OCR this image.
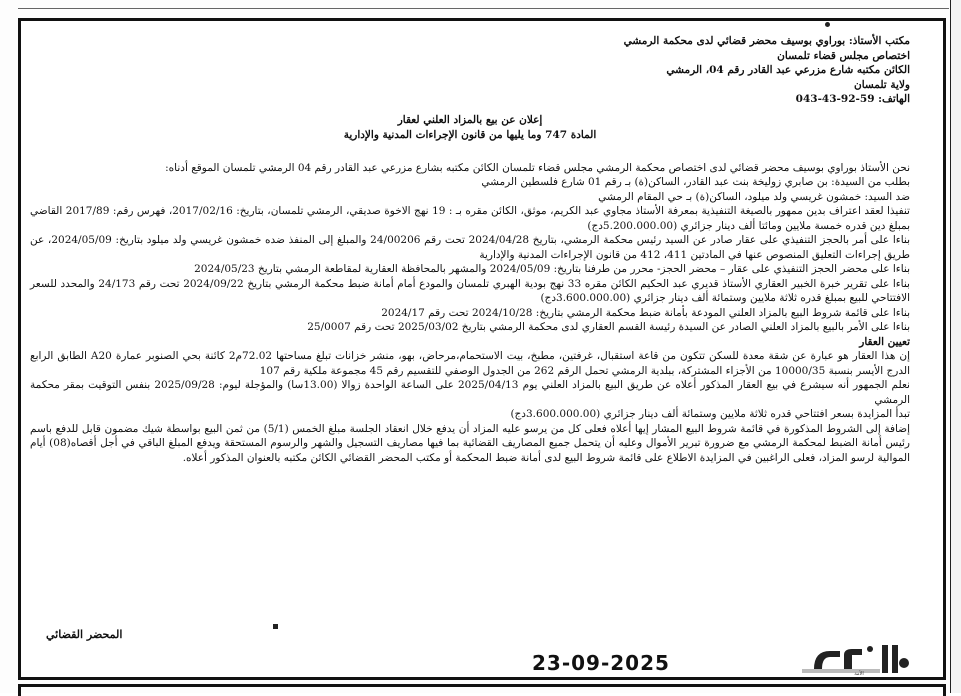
مكتب الأستاذ: بوراوي بوسيف محضر قضائي لدى محكمة الرمشي
اختصاص مجلس قضاء تلمسان
الكائن مكتبه شارع مزرعي عبد القادر رقم 04، الرمشي
ولاية تلمسان
الهاتف: 59-92-43-043
إعلان عن بيع بالمزاد العلني لعقار
المادة 747 وما يليها من قانون الإجراءات المدنية والإدارية

نحن الأستاذ بوراوي بوسيف محضر قضائي لدى اختصاص محكمة الرمشي مجلس قضاء تلمسان الكائن مكتبه بشارع مزرعي عبد القادر رقم 04 الرمشي تلمسان الموقع أدناه:

بطلب من السيدة: بن صابري زوليخة بنت عبد القادر، الساكن(ة) بـ رقم 01 شارع فلسطين الرمشي

ضد السيد: خمشون غريسي ولد ميلود، الساكن(ة) بـ حي المقام الرمشي

تنفيذا لعقد اعتراف بدين ممهور بالصيغة التنفيذية بمعرفة الأستاذ مجاوي عبد الكريم، موثق، الكائن مقره بـ : 19 نهج الاخوة صديقي، الرمشي تلمسان، بتاريخ: 2017/02/16، فهرس رقم: 2017/89 القاضي بمبلغ دين قدره خمسة ملايين ومائتا ألف دينار جزائري (5.200.000.00دج)

بناءا على أمر بالحجز التنفيذي على عقار صادر عن السيد رئيس محكمة الرمشي، بتاريخ 2024/04/28 تحت رقم 24/00206 والمبلغ إلى المنفذ ضده خمشون غريسي ولد ميلود بتاريخ: 2024/05/09، عن طريق إجراءات التعليق المنصوص عنها في المادتين 411، 412 من قانون الإجراءات المدنية والإدارية

بناءا على محضر الحجز التنفيذي على عقار – محضر الحجز- محرر من طرفنا بتاريخ: 2024/05/09 والمشهر بالمحافظة العقارية لمقاطعة الرمشي بتاريخ 2024/05/23

بناءا على تقرير خبرة الخبير العقاري الأستاذ قديري عبد الحكيم الكائن مقره 33 نهج بودية الهبري تلمسان والمودع أمام أمانة ضبط محكمة الرمشي بتاريخ 2024/09/22 تحت رقم 24/173 والمحدد للسعر الافتتاحي للبيع بمبلغ قدره ثلاثة ملايين وستمائة ألف دينار جزائري (3.600.000.00دج)

بناءا على قائمة شروط البيع بالمزاد العلني المودعة بأمانة ضبط محكمة الرمشي بتاريخ: 2024/10/28 تحت رقم 2024/17

بناءا على الأمر بالبيع بالمزاد العلني الصادر عن السيدة رئيسة القسم العقاري لدى محكمة الرمشي بتاريخ 2025/03/02 تحت رقم 25/0007

تعيين العقار

إن هذا العقار هو عبارة عن شقة معدة للسكن تتكون من قاعة استقبال، غرفتين، مطبخ، بيت الاستحمام،مرحاض، بهو، منشر خزانات تبلغ مساحتها 72.02م2 كائنة بحي الصنوبر عمارة A20 الطابق الرابع الدرج الأيسر بنسبة 10000/35 من الأجزاء المشتركة، ببلدية الرمشي تحمل الرقم 262 من الجدول الوصفي للتقسيم رقم 45 مجموعة ملكية رقم 107

نعلم الجمهور أنه سيشرع في بيع العقار المذكور أعلاه عن طريق البيع بالمزاد العلني يوم 2025/04/13 على الساعة الواحدة زوالا (13.00سا) والمؤجلة ليوم: 2025/09/28 بنفس التوقيت بمقر محكمة الرمشي

تبدأ المزايدة بسعر افتتاحي قدره ثلاثة ملايين وستمائة ألف دينار جزائري (3.600.000.00دج)

إضافة إلى الشروط المذكورة في قائمة شروط البيع المشار إيها أعلاه فعلى كل من يرسو عليه المزاد أن يدفع خلال انعقاد الجلسة مبلغ الخمس (5/1) من ثمن البيع بواسطة شيك مضمون قابل للدفع باسم رئيس أمانة الضبط لمحكمة الرمشي مع ضرورة تبرير الأموال وعليه أن يتحمل جميع المصاريف القضائية بما فيها مصاريف التسجيل والشهر والرسوم المستحقة ويدفع المبلغ الباقي في أجل أقصاه(08) أيام الموالية لرسو المزاد، فعلى الراغبين في المزايدة الاطلاع على قائمة شروط البيع لدى أمانة ضبط المحكمة أو مكتب المحضر القضائي الكائن مكتبه بالعنوان المذكور أعلاه.

المحضر القضائي
23-09-2025	الأمة
